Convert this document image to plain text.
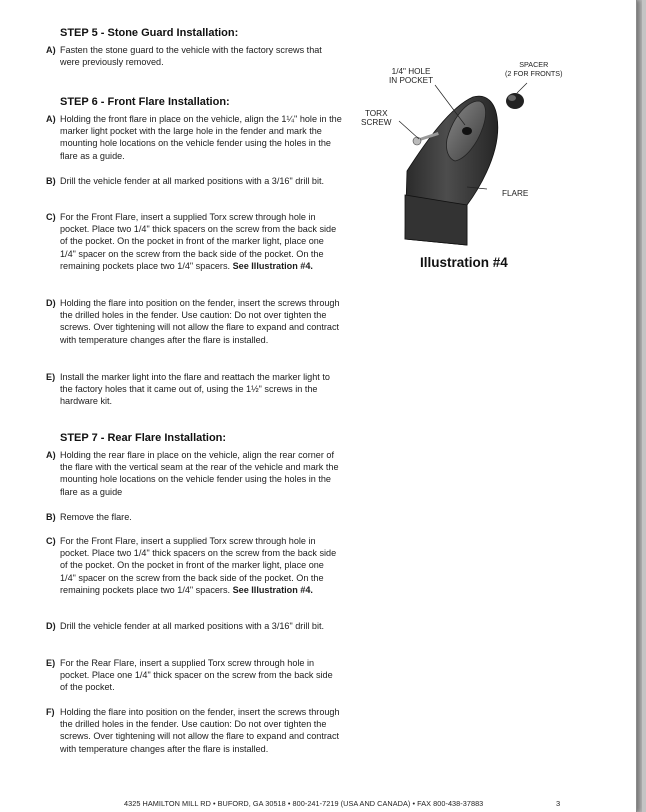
STEP 5 - Stone Guard Installation:
A) Fasten the stone guard to the vehicle with the factory screws that were previously removed.
STEP 6 - Front Flare Installation:
A) Holding the front flare in place on the vehicle, align the 1¼" hole in the marker light pocket with the large hole in the fender and mark the mounting hole locations on the vehicle fender using the holes in the flare as a guide.
B) Drill the vehicle fender at all marked positions with a 3/16" drill bit.
C) For the Front Flare, insert a supplied Torx screw through hole in pocket. Place two 1/4" thick spacers on the screw from the back side of the pocket. On the pocket in front of the marker light, place one 1/4" spacer on the screw from the back side of the pocket. On the remaining pockets place two 1/4" spacers. See Illustration #4.
D) Holding the flare into position on the fender, insert the screws through the drilled holes in the fender. Use caution: Do not over tighten the screws. Over tightening will not allow the flare to expand and contract with temperature changes after the flare is installed.
E) Install the marker light into the flare and reattach the marker light to the factory holes that it came out of, using the 1½" screws in the hardware kit.
STEP 7 - Rear Flare Installation:
A) Holding the rear flare in place on the vehicle, align the rear corner of the flare with the vertical seam at the rear of the vehicle and mark the mounting hole locations on the vehicle fender using the holes in the flare as a guide
B) Remove the flare.
C) For the Front Flare, insert a supplied Torx screw through hole in pocket. Place two 1/4" thick spacers on the screw from the back side of the pocket. On the pocket in front of the marker light, place one 1/4" spacer on the screw from the back side of the pocket. On the remaining pockets place two 1/4" spacers. See Illustration #4.
D) Drill the vehicle fender at all marked positions with a 3/16" drill bit.
E) For the Rear Flare, insert a supplied Torx screw through hole in pocket. Place one 1/4" thick spacer on the screw from the back side of the pocket.
F) Holding the flare into position on the fender, insert the screws through the drilled holes in the fender. Use caution: Do not over tighten the screws. Over tightening will not allow the flare to expand and contract with temperature changes after the flare is installed.
1/4" HOLE
IN POCKET
SPACER
(2 FOR FRONTS)
TORX
SCREW
FLARE
Illustration #4
4325 HAMILTON MILL RD • BUFORD, GA 30518 • 800-241-7219 (USA AND CANADA) • FAX 800-438-37883	3
